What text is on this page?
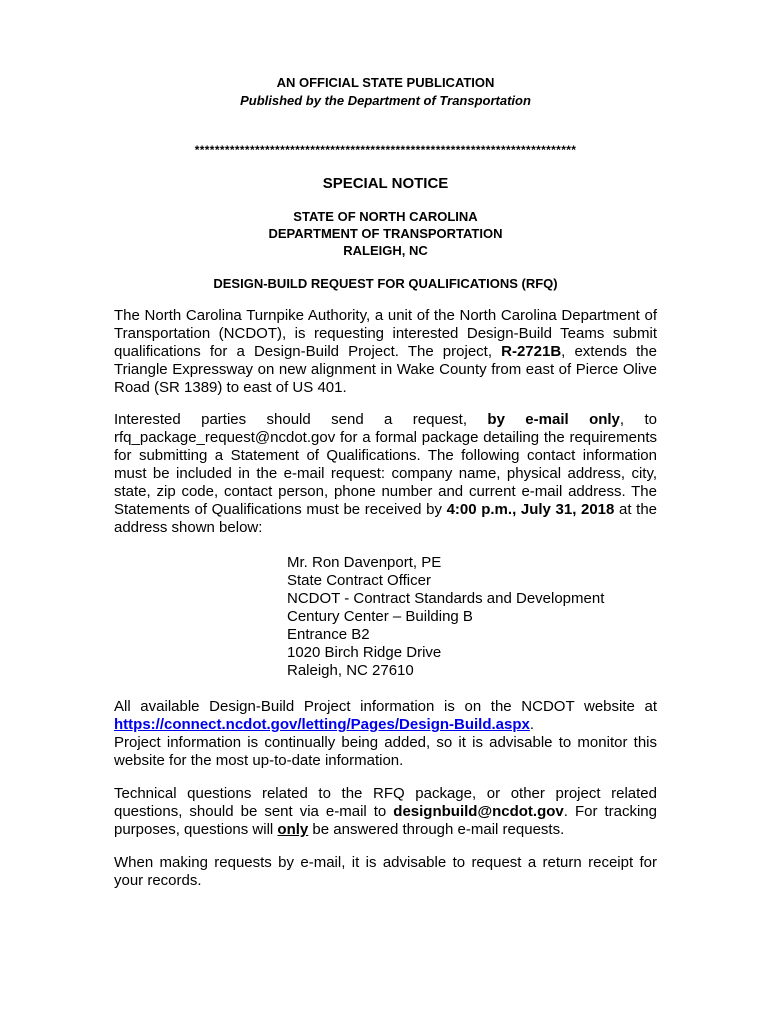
AN OFFICIAL STATE PUBLICATION
Published by the Department of Transportation
****************************************************************************
SPECIAL NOTICE
STATE OF NORTH CAROLINA
DEPARTMENT OF TRANSPORTATION
RALEIGH, NC
DESIGN-BUILD REQUEST FOR QUALIFICATIONS (RFQ)

The North Carolina Turnpike Authority, a unit of the North Carolina Department of Transportation (NCDOT), is requesting interested Design-Build Teams submit qualifications for a Design-Build Project. The project, R-2721B, extends the Triangle Expressway on new alignment in Wake County from east of Pierce Olive Road (SR 1389) to east of US 401.

Interested parties should send a request, by e-mail only, to rfq_package_request@ncdot.gov for a formal package detailing the requirements for submitting a Statement of Qualifications. The following contact information must be included in the e-mail request: company name, physical address, city, state, zip code, contact person, phone number and current e-mail address. The Statements of Qualifications must be received by 4:00 p.m., July 31, 2018 at the address shown below:

Mr. Ron Davenport, PE
State Contract Officer
NCDOT - Contract Standards and Development
Century Center – Building B
Entrance B2
1020 Birch Ridge Drive
Raleigh, NC 27610

All available Design-Build Project information is on the NCDOT website at https://connect.ncdot.gov/letting/Pages/Design-Build.aspx.                       Project information is continually being added, so it is advisable to monitor this website for the most up-to-date information.

Technical questions related to the RFQ package, or other project related questions, should be sent via e-mail to designbuild@ncdot.gov. For tracking purposes, questions will only be answered through e-mail requests.

When making requests by e-mail, it is advisable to request a return receipt for your records.
